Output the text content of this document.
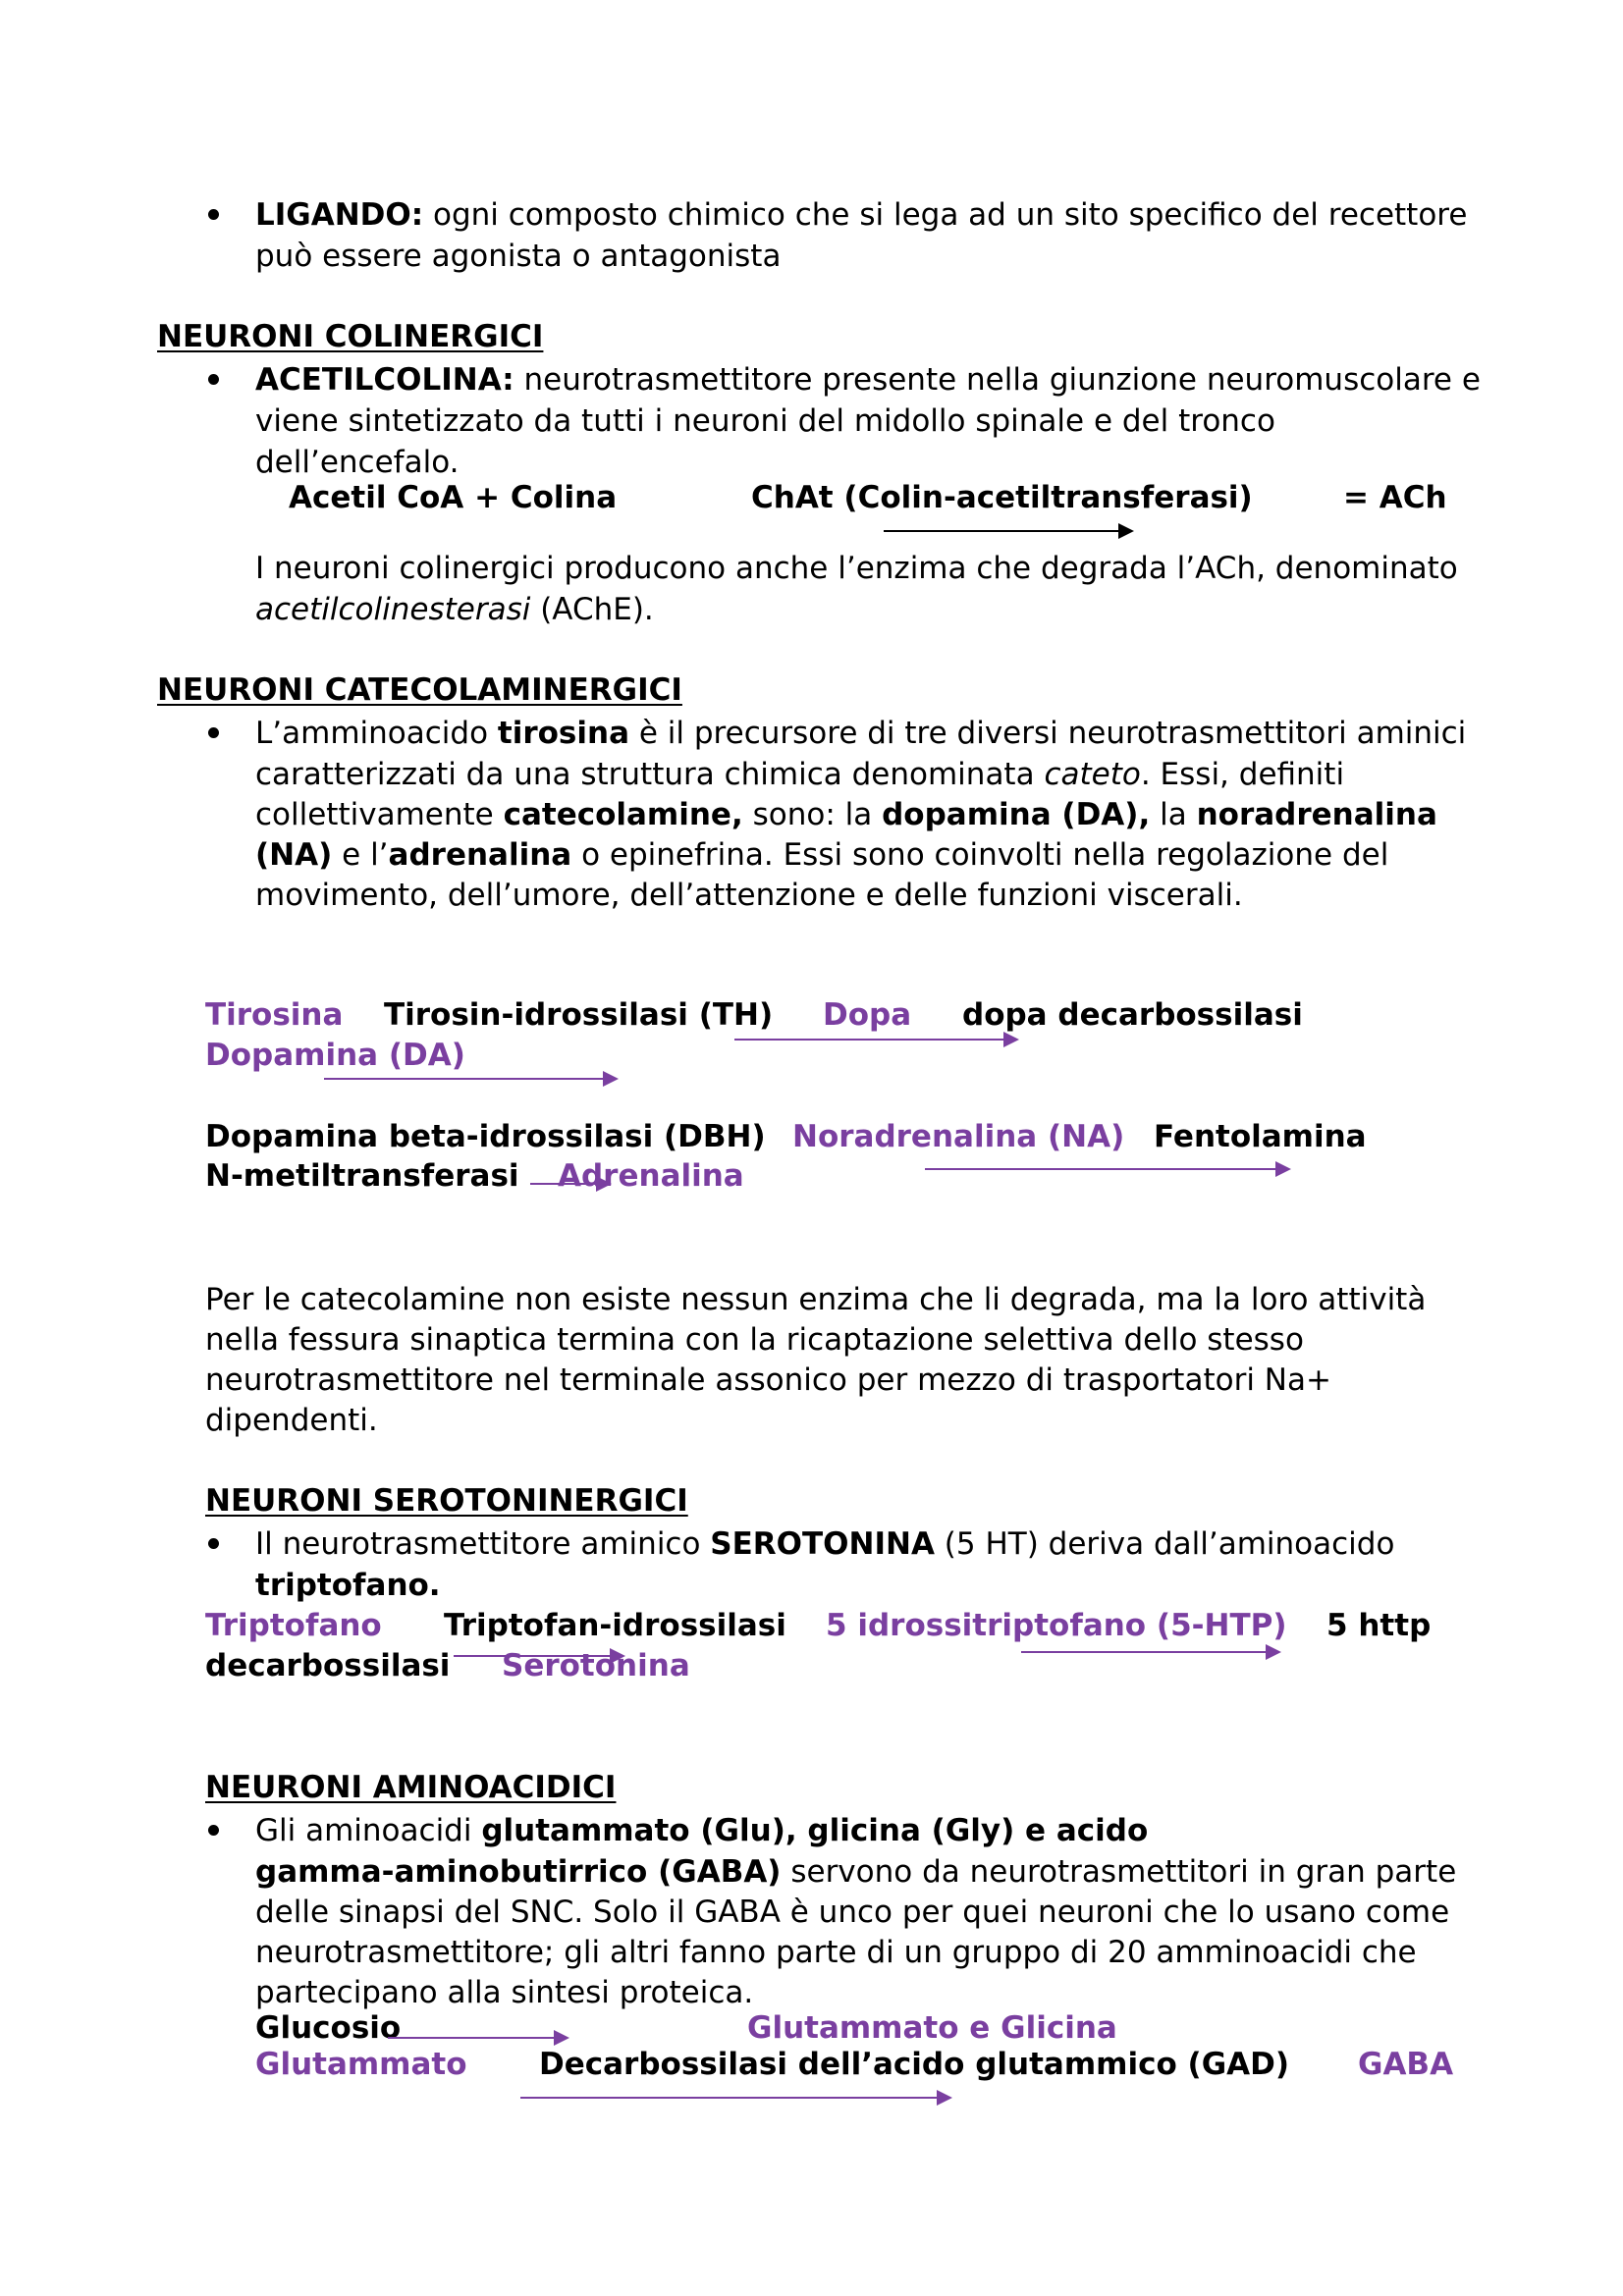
LIGANDO: ogni composto chimico che si lega ad un sito specifico del recettore
può essere agonista o antagonista
NEURONI COLINERGICI
ACETILCOLINA: neurotrasmettitore presente nella giunzione neuromuscolare e
viene sintetizzato da tutti i neuroni del midollo spinale e del tronco
dell’encefalo.
Acetil CoA + Colina	ChAt (Colin-acetiltransferasi)	= ACh
I neuroni colinergici producono anche l’enzima che degrada l’ACh, denominato
acetilcolinesterasi (AChE).
NEURONI CATECOLAMINERGICI
L’amminoacido tirosina è il precursore di tre diversi neurotrasmettitori aminici
caratterizzati da una struttura chimica denominata cateto. Essi, definiti
collettivamente catecolamine, sono: la dopamina (DA), la noradrenalina
(NA) e l’adrenalina o epinefrina. Essi sono coinvolti nella regolazione del
movimento, dell’umore, dell’attenzione e delle funzioni viscerali.
Tirosina Tirosin-idrossilasi (TH) Dopa dopa decarbossilasi
Dopamina (DA)
Dopamina beta-idrossilasi (DBH) Noradrenalina (NA) Fentolamina
N-metiltransferasi Adrenalina
Per le catecolamine non esiste nessun enzima che li degrada, ma la loro attività
nella fessura sinaptica termina con la ricaptazione selettiva dello stesso
neurotrasmettitore nel terminale assonico per mezzo di trasportatori Na+
dipendenti.
NEURONI SEROTONINERGICI
Il neurotrasmettitore aminico SEROTONINA (5 HT) deriva dall’aminoacido
triptofano.
Triptofano Triptofan-idrossilasi 5 idrossitriptofano (5-HTP) 5 http
decarbossilasi Serotonina
NEURONI AMINOACIDICI
Gli aminoacidi glutammato (Glu), glicina (Gly) e acido
gamma-aminobutirrico (GABA) servono da neurotrasmettitori in gran parte
delle sinapsi del SNC. Solo il GABA è unco per quei neuroni che lo usano come
neurotrasmettitore; gli altri fanno parte di un gruppo di 20 amminoacidi che
partecipano alla sintesi proteica.
Glucosio	Glutammato e Glicina
Glutammato Decarbossilasi dell’acido glutammico (GAD) GABA
